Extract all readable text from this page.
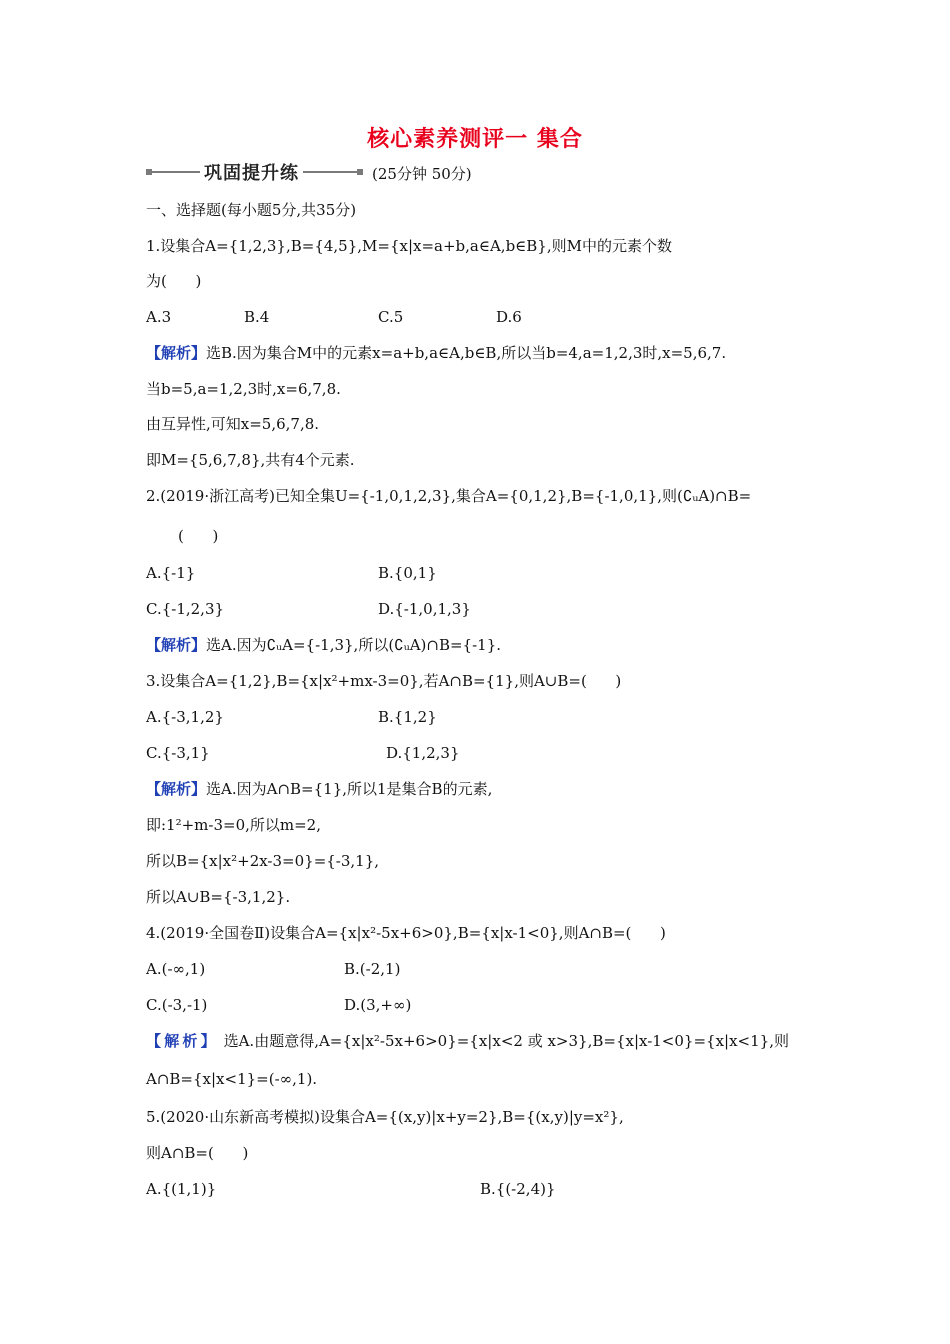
核心素养测评一 集合
巩固提升练	(25分钟 50分)
一、选择题(每小题5分,共35分)
1.设集合A={1,2,3},B={4,5},M={x|x=a+b,a∈A,b∈B},则M中的元素个数
为(      )
A.3	B.4	C.5	D.6
【解析】选B.因为集合M中的元素x=a+b,a∈A,b∈B,所以当b=4,a=1,2,3时,x=5,6,7.
当b=5,a=1,2,3时,x=6,7,8.
由互异性,可知x=5,6,7,8.
即M={5,6,7,8},共有4个元素.
2.(2019·浙江高考)已知全集U={-1,0,1,2,3},集合A={0,1,2},B={-1,0,1},则(∁ᵤA)∩B=
(      )
A.{-1}	B.{0,1}
C.{-1,2,3}	D.{-1,0,1,3}
【解析】选A.因为∁ᵤA={-1,3},所以(∁ᵤA)∩B={-1}.
3.设集合A={1,2},B={x|x²+mx-3=0},若A∩B={1},则A∪B=(      )
A.{-3,1,2}	B.{1,2}
C.{-3,1}	D.{1,2,3}
【解析】选A.因为A∩B={1},所以1是集合B的元素,
即:1²+m-3=0,所以m=2,
所以B={x|x²+2x-3=0}={-3,1},
所以A∪B={-3,1,2}.
4.(2019·全国卷Ⅱ)设集合A={x|x²-5x+6>0},B={x|x-1<0},则A∩B=(      )
A.(-∞,1)	B.(-2,1)
C.(-3,-1)	D.(3,+∞)
【解析】 选A.由题意得,A={x|x²-5x+6>0}={x|x<2 或 x>3},B={x|x-1<0}={x|x<1},则
A∩B={x|x<1}=(-∞,1).
5.(2020·山东新高考模拟)设集合A={(x,y)|x+y=2},B={(x,y)|y=x²},
则A∩B=(      )
A.{(1,1)}	B.{(-2,4)}
